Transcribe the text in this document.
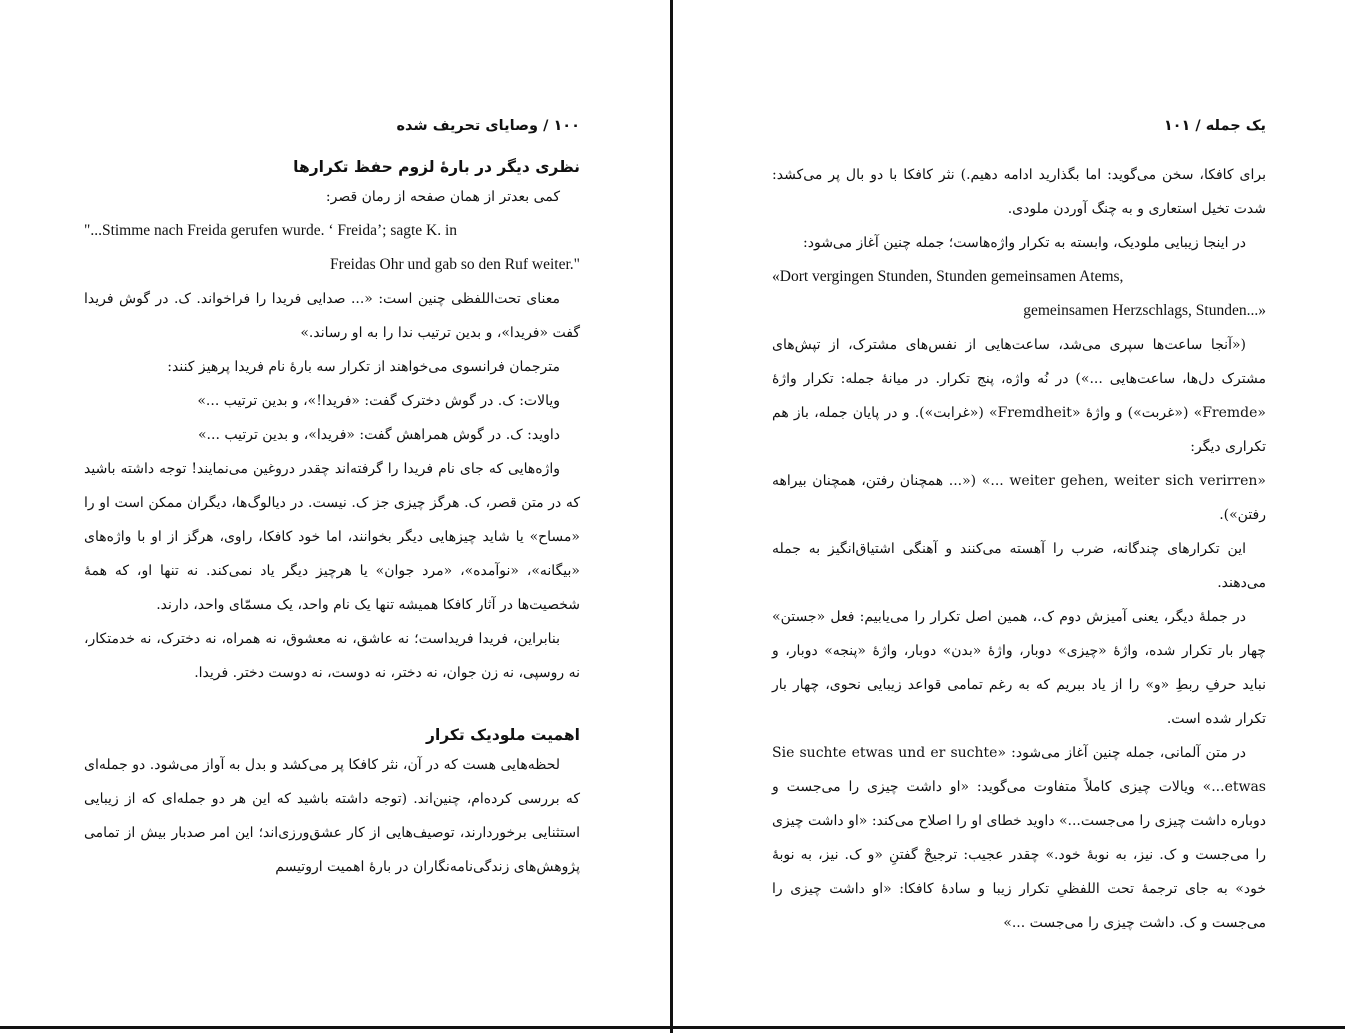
۱۰۰ / وصایای تحریف شده
نظری دیگر در بارهٔ لزوم حفظ تکرارها

کمی بعدتر از همان صفحه از رمان قصر:

"...Stimme nach Freida gerufen wurde. ‘ Freida’; sagte K. in

Freidas Ohr und gab so den Ruf weiter."

معنای تحت‌اللفظی چنین است: «... صدایی فریدا را فراخواند. ک. در گوش فریدا گفت «فریدا»، و بدین ترتیب ندا را به او رساند.»

مترجمان فرانسوی می‌خواهند از تکرار سه بارهٔ نام فریدا پرهیز کنند:

ویالات: ک. در گوش دخترک گفت: «فریدا!»، و بدین ترتیب ...»

داوید: ک. در گوش همراهش گفت: «فریدا»، و بدین ترتیب ...»

واژه‌هایی که جای نام فریدا را گرفته‌اند چقدر دروغین می‌نمایند! توجه داشته باشید که در متن قصر، ک. هرگز چیزی جز ک. نیست. در دیالوگ‌ها، دیگران ممکن است او را «مساح» یا شاید چیزهایی دیگر بخوانند، اما خود کافکا، راوی، هرگز از او با واژه‌های «بیگانه»، «نوآمده»، «مرد جوان» یا هرچیز دیگر یاد نمی‌کند. نه تنها او، که همهٔ شخصیت‌ها در آثار کافکا همیشه تنها یک نام واحد، یک مسمّای واحد، دارند.

بنابراین، فریدا فریداست؛ نه عاشق، نه معشوق، نه همراه، نه دخترک، نه خدمتکار، نه روسپی، نه زن جوان، نه دختر، نه دوست، نه دوست دختر. فریدا.

اهمیت ملودیک تکرار

لحظه‌هایی هست که در آن، نثر کافکا پر می‌کشد و بدل به آواز می‌شود. دو جمله‌ای که بررسی کرده‌ام، چنین‌اند. (توجه داشته باشید که این هر دو جمله‌ای که از زیبایی استثنایی برخوردارند، توصیف‌هایی از کار عشق‌ورزی‌اند؛ این امر صدبار بیش از تمامی پژوهش‌های زندگی‌نامه‌نگاران در بارهٔ اهمیت اروتیسم

یک جمله / ۱۰۱

برای کافکا، سخن می‌گوید: اما بگذارید ادامه دهیم.) نثر کافکا با دو بال پر می‌کشد: شدت تخیل استعاری و به چنگ آوردن ملودی.

در اینجا زیبایی ملودیک، وابسته به تکرار واژه‌هاست؛ جمله چنین آغاز می‌شود:

«Dort vergingen Stunden, Stunden gemeinsamen Atems,

gemeinsamen Herzschlags, Stunden...»

(«آنجا ساعت‌ها سپری می‌شد، ساعت‌هایی از نفس‌های مشترک، از تپش‌های مشترک دل‌ها، ساعت‌هایی ...») در نُه واژه، پنج تکرار. در میانهٔ جمله: تکرار واژهٔ «Fremde» («غربت») و واژهٔ «Fremdheit» («غرابت»). و در پایان جمله، باز هم تکراری دیگر:

«weiter gehen, weiter sich verirren ...» («... همچنان رفتن، همچنان بیراهه رفتن»).

این تکرارهای چندگانه، ضرب را آهسته می‌کنند و آهنگی اشتیاق‌انگیز به جمله می‌دهند.

در جملهٔ دیگر، یعنی آمیزش دوم ک.، همین اصل تکرار را می‌یابیم: فعل «جستن» چهار بار تکرار شده، واژهٔ «چیزی» دوبار، واژهٔ «بدن» دوبار، واژهٔ «پنجه» دوبار، و نباید حرفِ ربطِ «و» را از یاد ببریم که به رغم تمامی قواعد زیبایی نحوی، چهار بار تکرار شده است.

در متن آلمانی، جمله چنین آغاز می‌شود: «Sie suchte etwas und er suchte etwas...» ویالات چیزی کاملاً متفاوت می‌گوید: «او داشت چیزی را می‌جست و دوباره داشت چیزی را می‌جست...» داوید خطای او را اصلاح می‌کند: «او داشت چیزی را می‌جست و ک. نیز، به نوبهٔ خود.» چقدر عجیب: ترجیحْ گفتنِ «و ک. نیز، به نوبهٔ خود» به جای ترجمهٔ تحت اللفظیِ تکرار زیبا و سادهٔ کافکا: «او داشت چیزی را می‌جست و ک. داشت چیزی را می‌جست ...»
